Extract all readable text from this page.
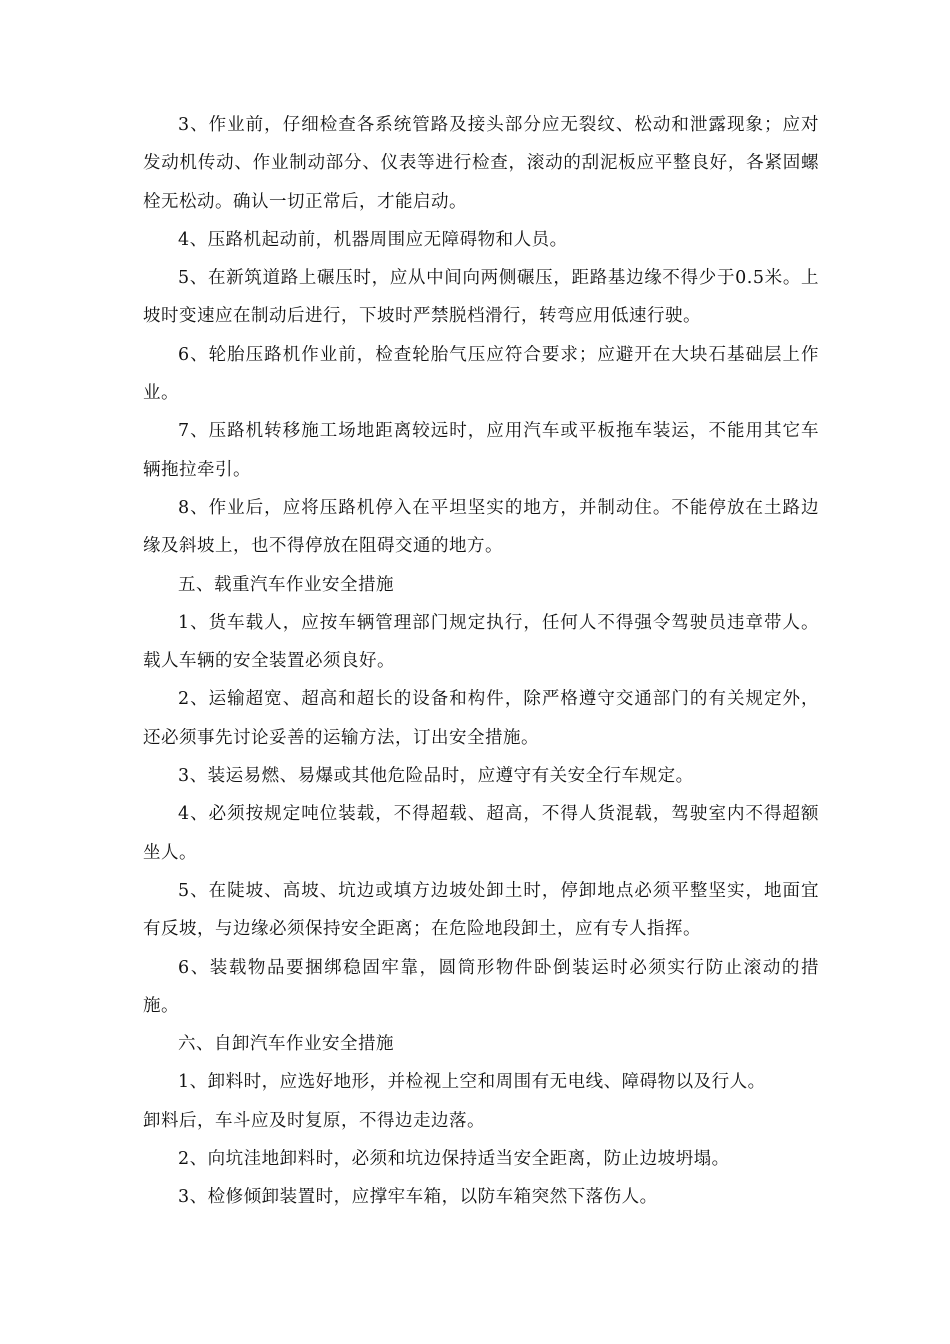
3、作业前，仔细检查各系统管路及接头部分应无裂纹、松动和泄露现象；应对发动机传动、作业制动部分、仪表等进行检查，滚动的刮泥板应平整良好，各紧固螺栓无松动。确认一切正常后，才能启动。

4、压路机起动前，机器周围应无障碍物和人员。

5、在新筑道路上碾压时，应从中间向两侧碾压，距路基边缘不得少于0.5米。上坡时变速应在制动后进行，下坡时严禁脱档滑行，转弯应用低速行驶。

6、轮胎压路机作业前，检查轮胎气压应符合要求；应避开在大块石基础层上作业。

7、压路机转移施工场地距离较远时，应用汽车或平板拖车装运，不能用其它车辆拖拉牵引。

8、作业后，应将压路机停入在平坦坚实的地方，并制动住。不能停放在土路边缘及斜坡上，也不得停放在阻碍交通的地方。

五、载重汽车作业安全措施

1、货车载人，应按车辆管理部门规定执行，任何人不得强令驾驶员违章带人。载人车辆的安全装置必须良好。

2、运输超宽、超高和超长的设备和构件，除严格遵守交通部门的有关规定外，还必须事先讨论妥善的运输方法，订出安全措施。

3、装运易燃、易爆或其他危险品时，应遵守有关安全行车规定。

4、必须按规定吨位装载，不得超载、超高，不得人货混载，驾驶室内不得超额坐人。

5、在陡坡、高坡、坑边或填方边坡处卸土时，停卸地点必须平整坚实，地面宜有反坡，与边缘必须保持安全距离；在危险地段卸土，应有专人指挥。

6、装载物品要捆绑稳固牢靠，圆筒形物件卧倒装运时必须实行防止滚动的措施。

六、自卸汽车作业安全措施

1、卸料时，应选好地形，并检视上空和周围有无电线、障碍物以及行人。

卸料后，车斗应及时复原，不得边走边落。

2、向坑洼地卸料时，必须和坑边保持适当安全距离，防止边坡坍塌。

3、检修倾卸装置时，应撑牢车箱，以防车箱突然下落伤人。
